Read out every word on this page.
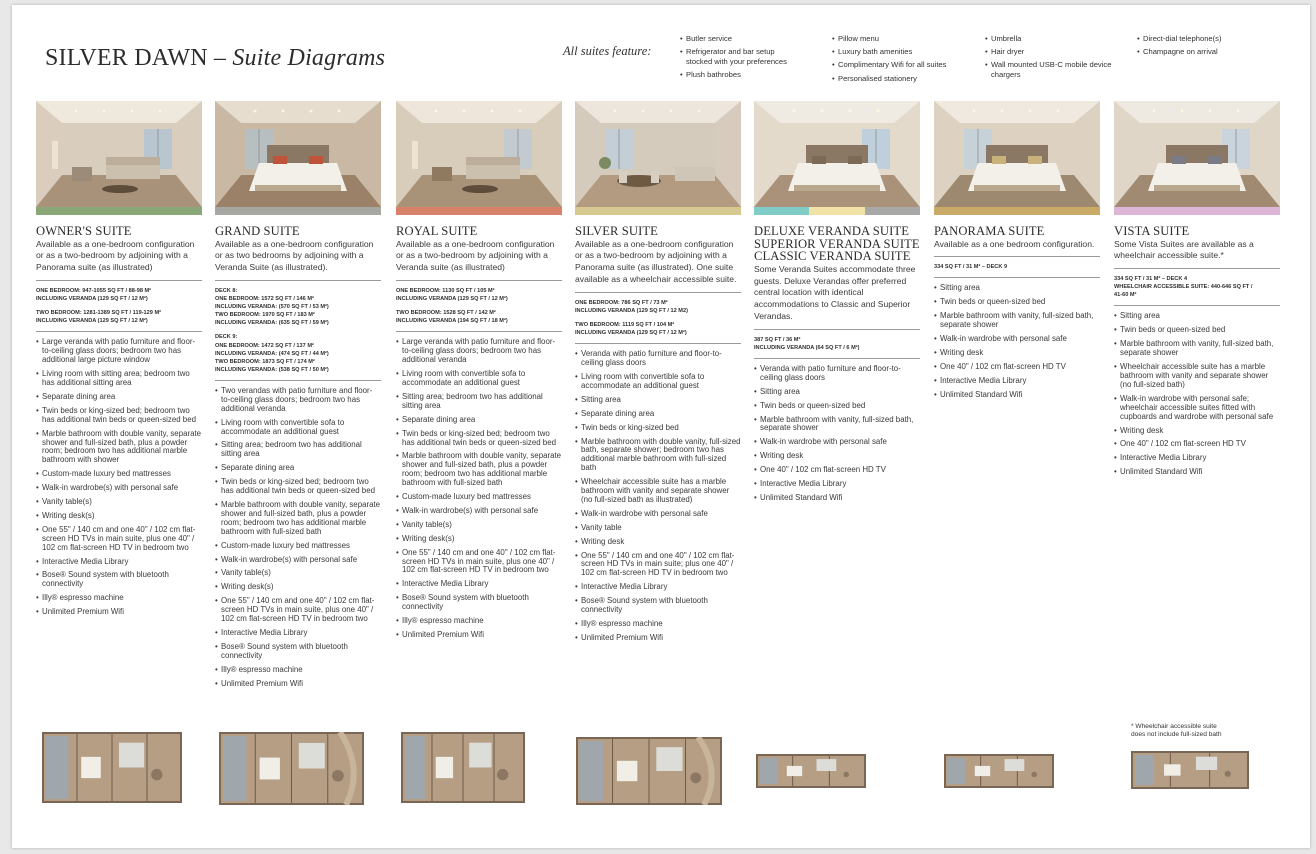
SILVER DAWN – Suite Diagrams	All suites feature:
• Butler service
• Refrigerator and bar setup stocked with your preferences
• Plush bathrobes
• Pillow menu
• Luxury bath amenities
• Complimentary Wifi for all suites
• Personalised stationery
• Umbrella
• Hair dryer
• Wall mounted USB-C mobile device chargers
• Direct-dial telephone(s)
• Champagne on arrival
OWNER'S SUITE
Available as a one-bedroom configuration or as a two-bedroom by adjoining with a Panorama suite (as illustrated)
ONE BEDROOM: 947-1055 SQ FT / 88-98 M²
INCLUDING VERANDA (129 SQ FT / 12 M²)
TWO BEDROOM: 1281-1389 SQ FT / 119-129 M²
INCLUDING VERANDA (129 SQ FT / 12 M²)
• Large veranda with patio furniture and floor-to-ceiling glass doors; bedroom two has additional large picture window
• Living room with sitting area; bedroom two has additional sitting area
• Separate dining area
• Twin beds or king-sized bed; bedroom two has additional twin beds or queen-sized bed
• Marble bathroom with double vanity, separate shower and full-sized bath, plus a powder room; bedroom two has additional marble bathroom with shower
• Custom-made luxury bed mattresses
• Walk-in wardrobe(s) with personal safe
• Vanity table(s)
• Writing desk(s)
• One 55" / 140 cm and one 40" / 102 cm flat-screen HD TVs in main suite, plus one 40" / 102 cm flat-screen HD TV in bedroom two
• Interactive Media Library
• Bose® Sound system with bluetooth connectivity
• Illy® espresso machine
• Unlimited Premium Wifi
GRAND SUITE
Available as a one-bedroom configuration or as two bedrooms by adjoining with a Veranda Suite (as illustrated).
DECK 8:
ONE BEDROOM: 1572 SQ FT / 146 M²
INCLUDING VERANDA: (570 SQ FT / 53 M²)
TWO BEDROOM: 1970 SQ FT / 183 M²
INCLUDING VERANDA: (635 SQ FT / 59 M²)
DECK 9:
ONE BEDROOM: 1472 SQ FT / 137 M²
INCLUDING VERANDA: (474 SQ FT / 44 M²)
TWO BEDROOM: 1873 SQ FT / 174 M²
INCLUDING VERANDA: (538 SQ FT / 50 M²)
• Two verandas with patio furniture and floor-to-ceiling glass doors; bedroom two has additional veranda
• Living room with convertible sofa to accommodate an additional guest
• Sitting area; bedroom two has additional sitting area
• Separate dining area
• Twin beds or king-sized bed; bedroom two has additional twin beds or queen-sized bed
• Marble bathroom with double vanity, separate shower and full-sized bath, plus a powder room; bedroom two has additional marble bathroom with full-sized bath
• Custom-made luxury bed mattresses
• Walk-in wardrobe(s) with personal safe
• Vanity table(s)
• Writing desk(s)
• One 55" / 140 cm and one 40" / 102 cm flat-screen HD TVs in main suite, plus one 40" / 102 cm flat-screen HD TV in bedroom two
• Interactive Media Library
• Bose® Sound system with bluetooth connectivity
• Illy® espresso machine
• Unlimited Premium Wifi
ROYAL SUITE
Available as a one-bedroom configuration or as a two-bedroom by adjoining with a Veranda suite (as illustrated)
ONE BEDROOM: 1130 SQ FT / 105 M²
INCLUDING VERANDA (129 SQ FT / 12 M²)
TWO BEDROOM: 1528 SQ FT / 142 M²
INCLUDING VERANDA (194 SQ FT / 18 M²)
• Large veranda with patio furniture and floor-to-ceiling glass doors; bedroom two has additional veranda
• Living room with convertible sofa to accommodate an additional guest
• Sitting area; bedroom two has additional sitting area
• Separate dining area
• Twin beds or king-sized bed; bedroom two has additional twin beds or queen-sized bed
• Marble bathroom with double vanity, separate shower and full-sized bath, plus a powder room; bedroom two has additional marble bathroom with full-sized bath
• Custom-made luxury bed mattresses
• Walk-in wardrobe(s) with personal safe
• Vanity table(s)
• Writing desk(s)
• One 55" / 140 cm and one 40" / 102 cm flat-screen HD TVs in main suite, plus one 40" / 102 cm flat-screen HD TV in bedroom two
• Interactive Media Library
• Bose® Sound system with bluetooth connectivity
• Illy® espresso machine
• Unlimited Premium Wifi
SILVER SUITE
Available as a one-bedroom configuration or as a two-bedroom by adjoining with a Panorama suite (as illustrated). One suite available as a wheelchair accessible suite.
ONE BEDROOM: 786 SQ FT / 73 M²
INCLUDING VERANDA (129 SQ FT / 12 M2)
TWO BEDROOM: 1119 SQ FT / 104 M²
INCLUDING VERANDA (129 SQ FT / 12 M²)
• Veranda with patio furniture and floor-to-ceiling glass doors
• Living room with convertible sofa to accommodate an additional guest
• Sitting area
• Separate dining area
• Twin beds or king-sized bed
• Marble bathroom with double vanity, full-sized bath, separate shower; bedroom two has additional marble bathroom with full-sized bath
• Wheelchair accessible suite has a marble bathroom with vanity and separate shower (no full-sized bath as illustrated)
• Walk-in wardrobe with personal safe
• Vanity table
• Writing desk
• One 55" / 140 cm and one 40" / 102 cm flat-screen HD TVs in main suite; plus one 40" / 102 cm flat-screen HD TV in bedroom two
• Interactive Media Library
• Bose® Sound system with bluetooth connectivity
• Illy® espresso machine
• Unlimited Premium Wifi
DELUXE VERANDA SUITE
SUPERIOR VERANDA SUITE
CLASSIC VERANDA SUITE
Some Veranda Suites accommodate three guests. Deluxe Verandas offer preferred central location with identical accommodations to Classic and Superior Verandas.
387 SQ FT / 36 M²
INCLUDING VERANDA (64 SQ FT / 6 M²)
• Veranda with patio furniture and floor-to-ceiling glass doors
• Sitting area
• Twin beds or queen-sized bed
• Marble bathroom with vanity, full-sized bath, separate shower
• Walk-in wardrobe with personal safe
• Writing desk
• One 40" / 102 cm flat-screen HD TV
• Interactive Media Library
• Unlimited Standard Wifi
PANORAMA SUITE
Available as a one bedroom configuration.
334 SQ FT / 31 M² – DECK 9
• Sitting area
• Twin beds or queen-sized bed
• Marble bathroom with vanity, full-sized bath, separate shower
• Walk-in wardrobe with personal safe
• Writing desk
• One 40" / 102 cm flat-screen HD TV
• Interactive Media Library
• Unlimited Standard Wifi
VISTA SUITE
Some Vista Suites are available as a wheelchair accessible suite.*
334 SQ FT / 31 M² – DECK 4
WHEELCHAIR ACCESSIBLE SUITE: 440-646 SQ FT /
41-60 M²
• Sitting area
• Twin beds or queen-sized bed
• Marble bathroom with vanity, full-sized bath, separate shower
• Wheelchair accessible suite has a marble bathroom with vanity and separate shower (no full-sized bath)
• Walk-in wardrobe with personal safe; wheelchair accessible suites fitted with cupboards and wardrobe with personal safe
• Writing desk
• One 40" / 102 cm flat-screen HD TV
• Interactive Media Library
• Unlimited Standard Wifi
* Wheelchair accessible suite
does not include full-sized bath
